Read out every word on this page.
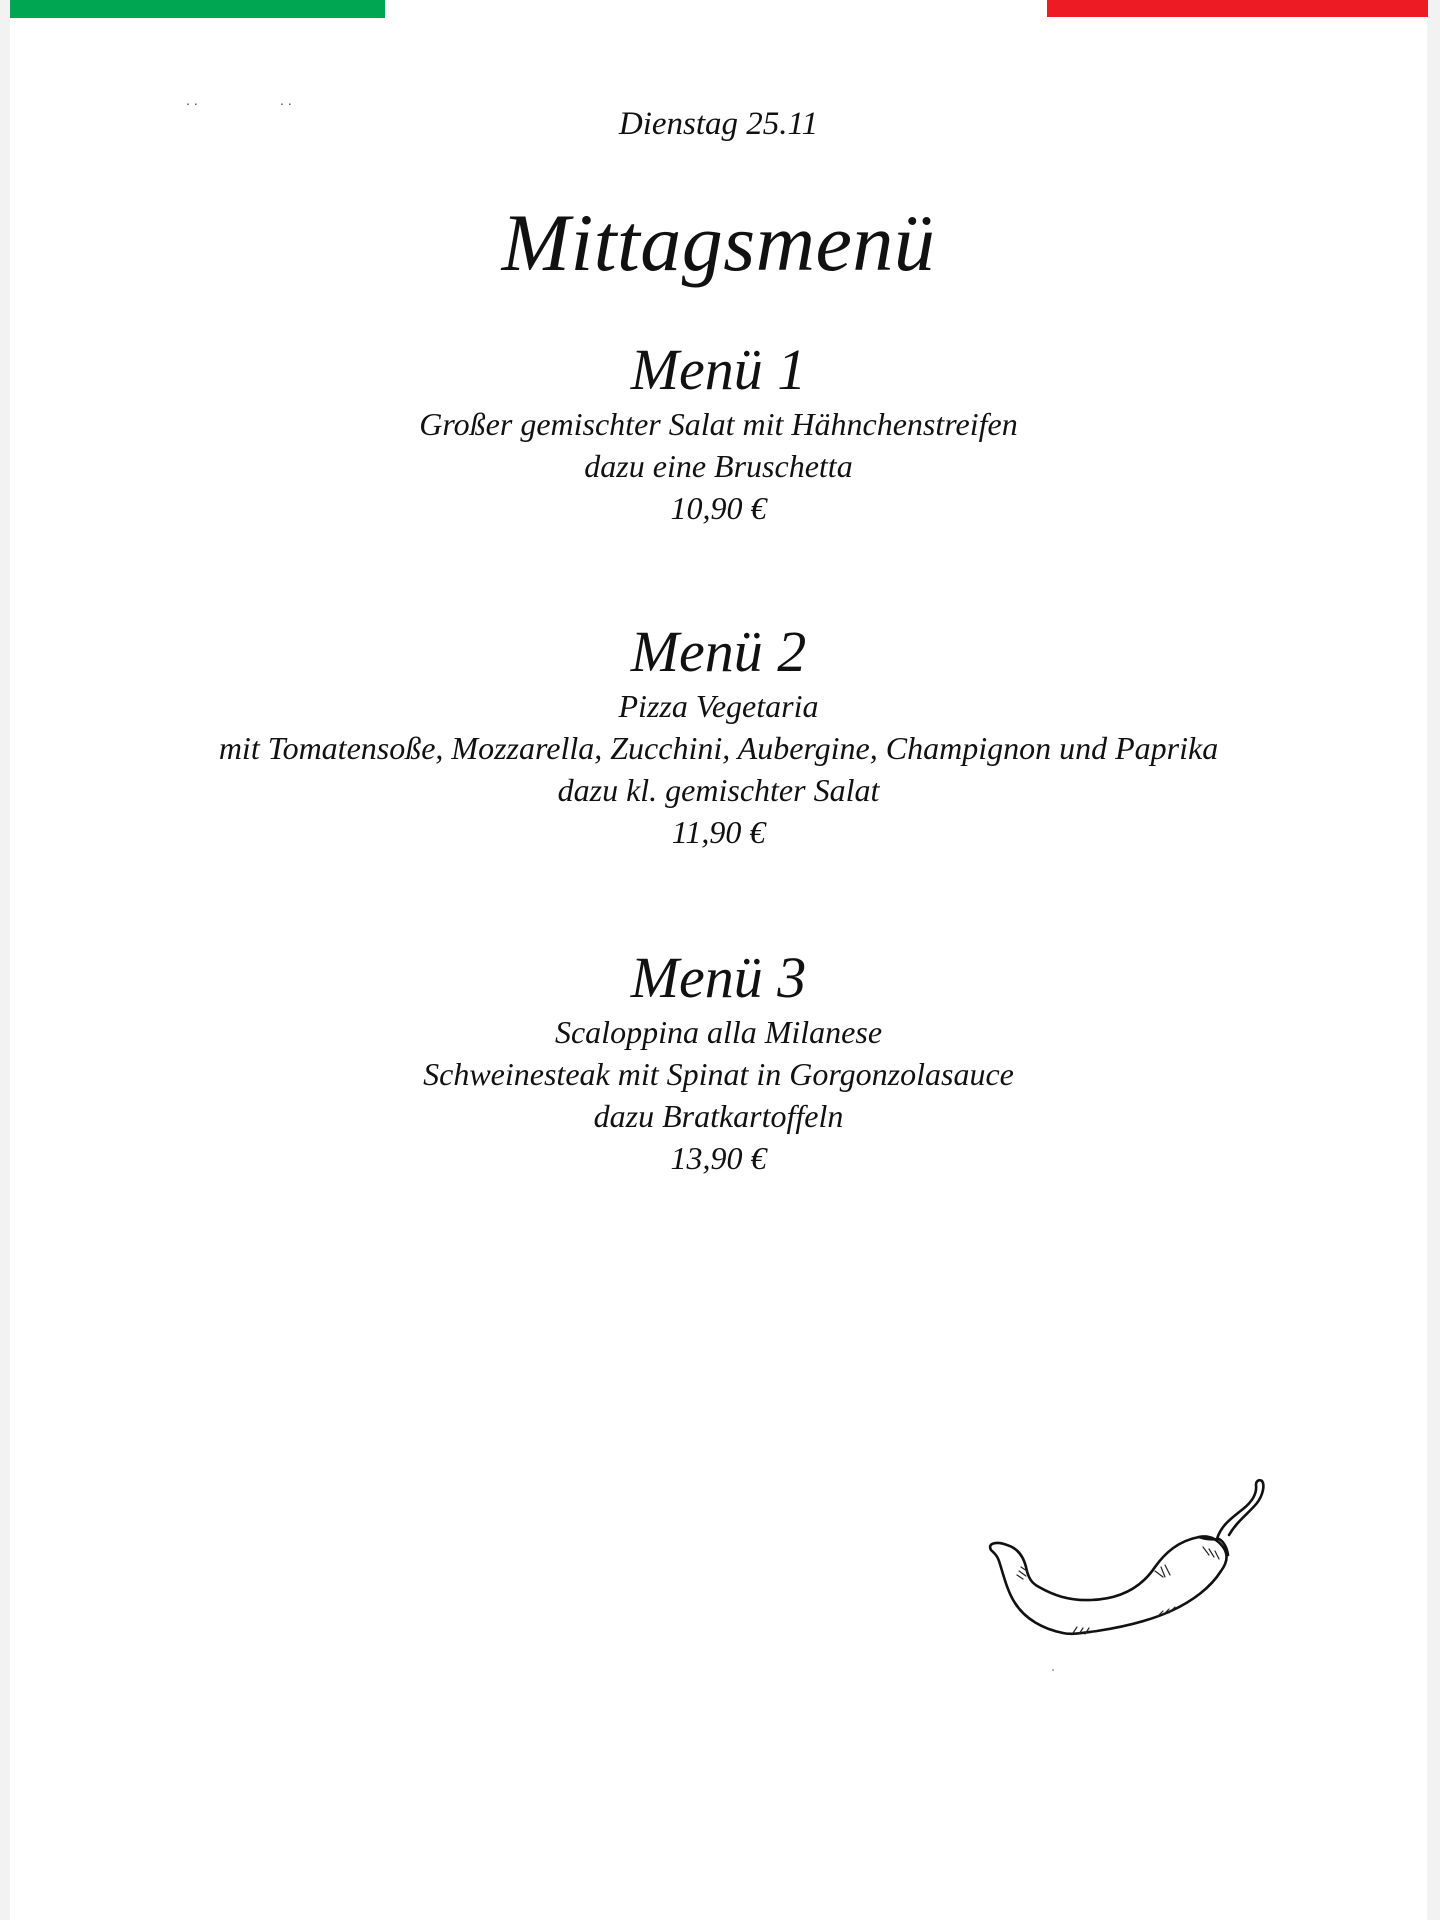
..	..
Dienstag 25.11
Mittagsmenü

Menü 1

Großer gemischter Salat mit Hähnchenstreifen

dazu eine Bruschetta

10,90 €

Menü 2

Pizza Vegetaria

mit Tomatensoße, Mozzarella, Zucchini, Aubergine, Champignon und Paprika

dazu kl. gemischter Salat

11,90 €

Menü 3

Scaloppina alla Milanese

Schweinesteak mit Spinat in Gorgonzolasauce

dazu Bratkartoffeln

13,90 €
